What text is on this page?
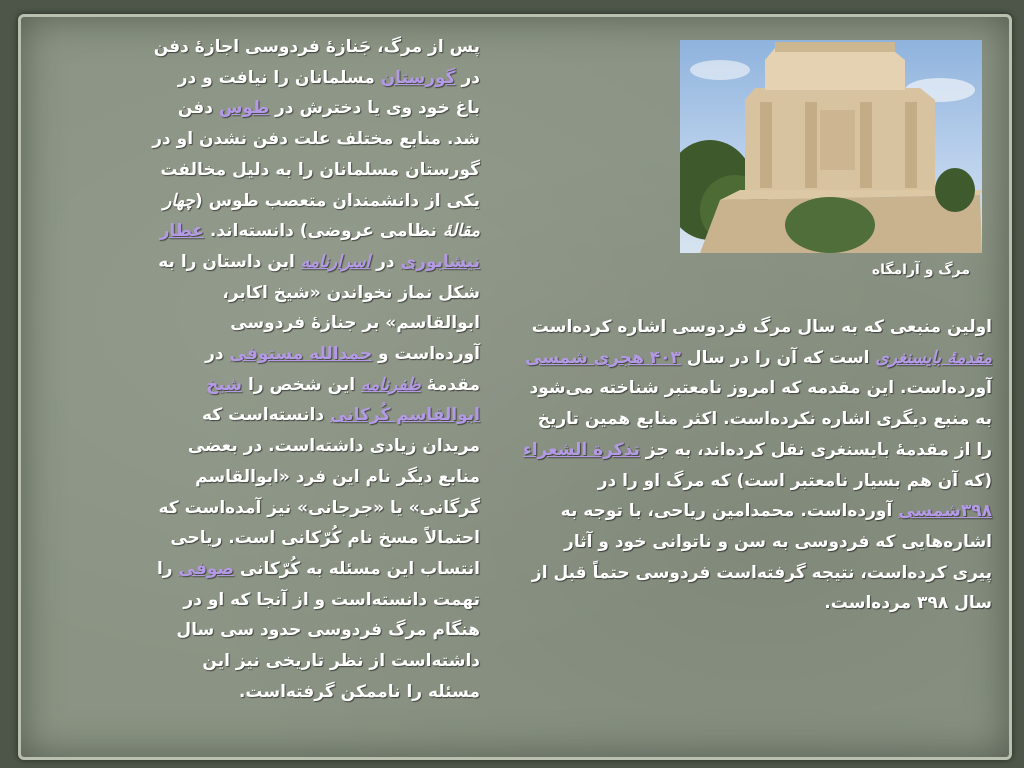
پس از مرگ، جَنازهٔ فردوسی اجازهٔ دفن در گورستان مسلمانان را نیافت و در باغ خود وی یا دخترش در طوس دفن شد. منابع مختلف علت دفن نشدن او در گورستان مسلمانان را به دلیل مخالفت یکی از دانشمندان متعصب طوس (چهار مقالهٔ نظامی عروضی) دانسته‌اند. عطار نیشابوری در اسرارنامه این داستان را به شکل نماز نخواندن «شیخ اکابر، ابوالقاسم» بر جنازهٔ فردوسی آورده‌است و حمدالله مستوفی در مقدمهٔ ظفرنامه این شخص را شیخ ابوالقاسم کُرکانی دانسته‌است که مریدان زیادی داشته‌است. در بعضی منابع دیگر نام این فرد «ابوالقاسم گرگانی» یا «جرجانی» نیز آمده‌است که احتمالاً مسخ نام کُرّکانی است. ریاحی انتساب این مسئله به کُرّکانی صوفی را تهمت دانسته‌است و از آنجا که او در هنگام مرگ فردوسی حدود سی سال داشته‌است از نظر تاریخی نیز این مسئله را ناممکن گرفته‌است.
مرگ و آرامگاه
اولین منبعی که به سال مرگ فردوسی اشاره کرده‌است مقدمهٔ بایسنغری است که آن را در سال ۴۰۳ هجری شمسی آورده‌است. این مقدمه که امروز نامعتبر شناخته می‌شود به منبع دیگری اشاره نکرده‌است. اکثر منابع همین تاریخ را از مقدمهٔ بایسنغری نقل کرده‌اند، به جز تذکرة الشعراء (که آن هم بسیار نامعتبر است) که مرگ او را در ۳۹۸شمسی آورده‌است. محمدامین ریاحی، با توجه به اشاره‌هایی که فردوسی به سن و ناتوانی خود و آثار پیری کرده‌است، نتیجه گرفته‌است فردوسی حتماً قبل از سال ۳۹۸ مرده‌است.
